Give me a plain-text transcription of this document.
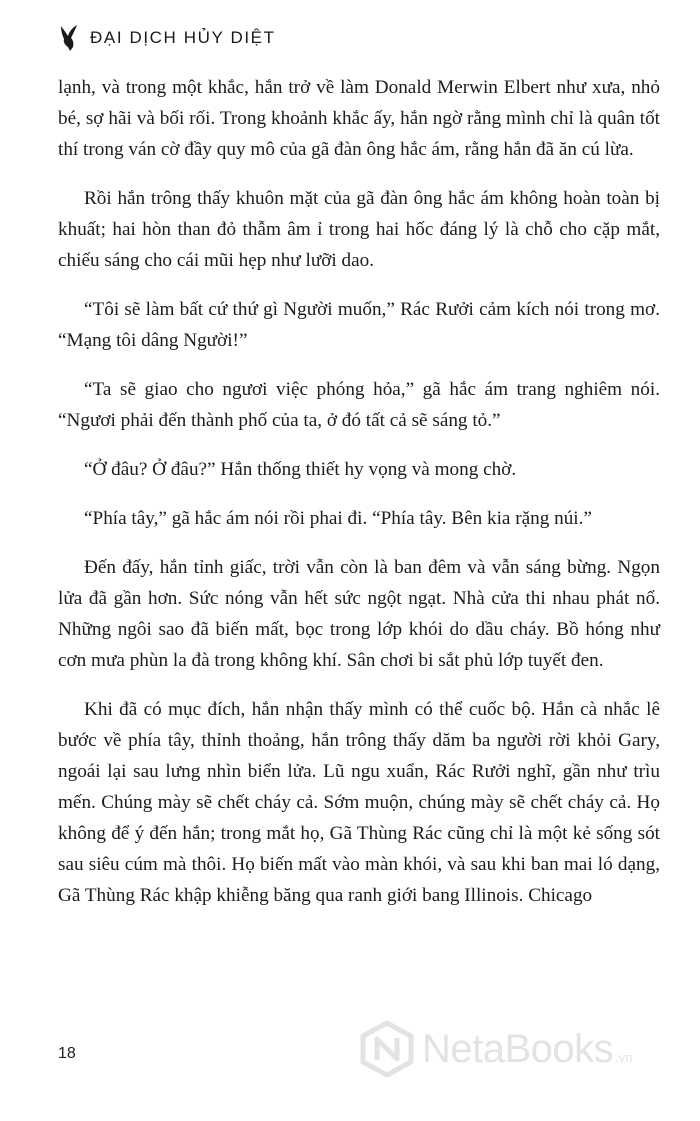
ĐẠI DỊCH HỦY DIỆT

lạnh, và trong một khắc, hắn trở về làm Donald Merwin Elbert như xưa, nhỏ bé, sợ hãi và bối rối. Trong khoảnh khắc ấy, hắn ngờ rằng mình chỉ là quân tốt thí trong ván cờ đầy quy mô của gã đàn ông hắc ám, rằng hắn đã ăn cú lừa.

Rồi hắn trông thấy khuôn mặt của gã đàn ông hắc ám không hoàn toàn bị khuất; hai hòn than đỏ thẫm âm ỉ trong hai hốc đáng lý là chỗ cho cặp mắt, chiếu sáng cho cái mũi hẹp như lưỡi dao.

“Tôi sẽ làm bất cứ thứ gì Người muốn,” Rác Rưởi cảm kích nói trong mơ. “Mạng tôi dâng Người!”

“Ta sẽ giao cho ngươi việc phóng hỏa,” gã hắc ám trang nghiêm nói. “Ngươi phải đến thành phố của ta, ở đó tất cả sẽ sáng tỏ.”

“Ở đâu? Ở đâu?” Hắn thống thiết hy vọng và mong chờ.

“Phía tây,” gã hắc ám nói rồi phai đi. “Phía tây. Bên kia rặng núi.”

Đến đấy, hắn tỉnh giấc, trời vẫn còn là ban đêm và vẫn sáng bừng. Ngọn lửa đã gần hơn. Sức nóng vẫn hết sức ngột ngạt. Nhà cửa thi nhau phát nổ. Những ngôi sao đã biến mất, bọc trong lớp khói do dầu cháy. Bồ hóng như cơn mưa phùn la đà trong không khí. Sân chơi bi sắt phủ lớp tuyết đen.

Khi đã có mục đích, hắn nhận thấy mình có thể cuốc bộ. Hắn cà nhắc lê bước về phía tây, thỉnh thoảng, hắn trông thấy dăm ba người rời khỏi Gary, ngoái lại sau lưng nhìn biển lửa. Lũ ngu xuẩn, Rác Rưởi nghĩ, gần như trìu mến. Chúng mày sẽ chết cháy cả. Sớm muộn, chúng mày sẽ chết cháy cả. Họ không để ý đến hắn; trong mắt họ, Gã Thùng Rác cũng chỉ là một kẻ sống sót sau siêu cúm mà thôi. Họ biến mất vào màn khói, và sau khi ban mai ló dạng, Gã Thùng Rác khập khiễng băng qua ranh giới bang Illinois. Chicago

18	NetaBooks .vn
